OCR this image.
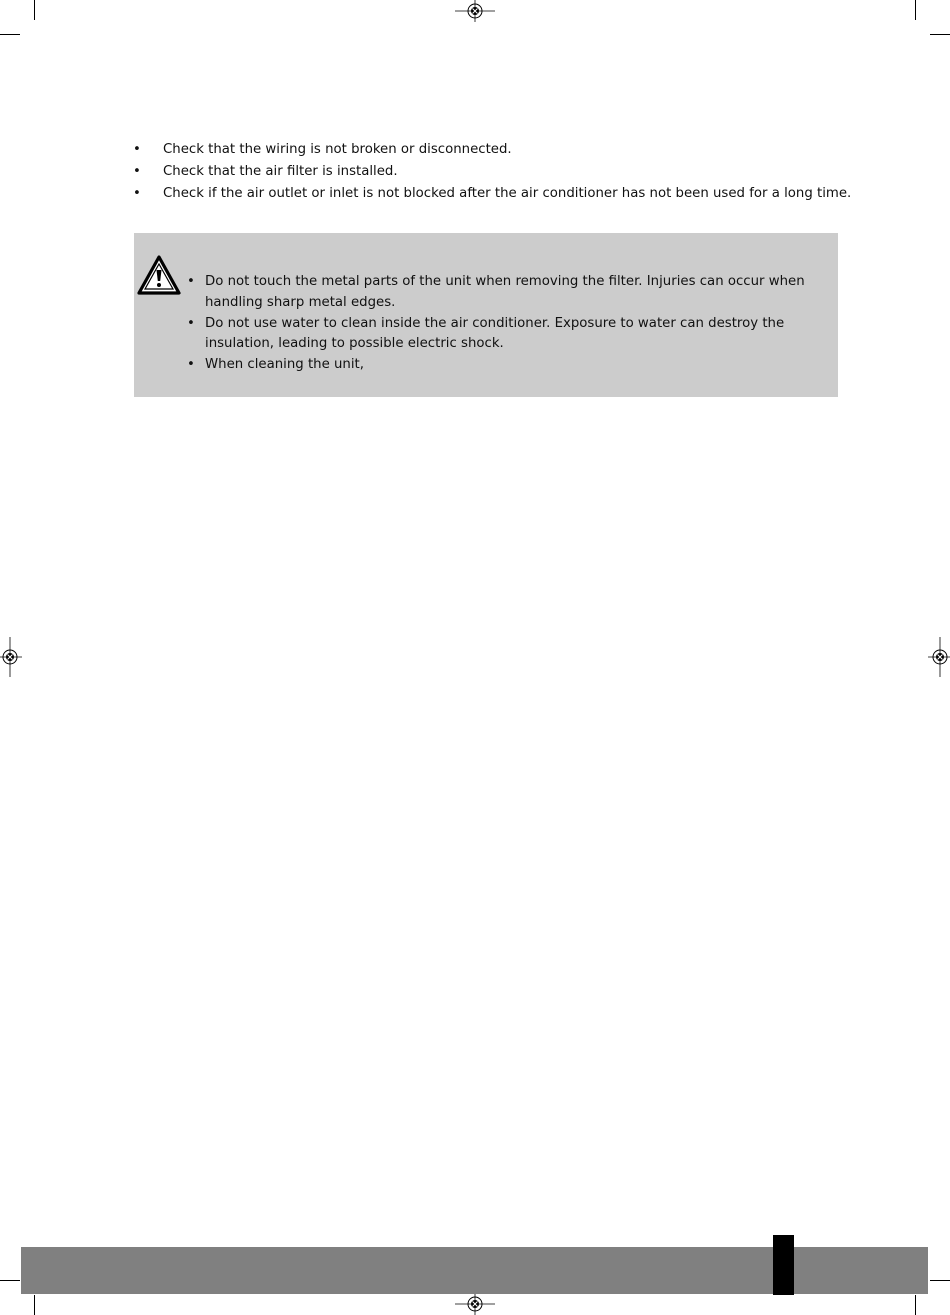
• Check that the wiring is not broken or disconnected.
• Check that the air filter is installed.
• Check if the air outlet or inlet is not blocked after the air conditioner has not been used for a long time.
• Do not touch the metal parts of the unit when removing the filter. Injuries can occur when handling sharp metal edges.
• Do not use water to clean inside the air conditioner. Exposure to water can destroy the insulation, leading to possible electric shock.
• When cleaning the unit,
